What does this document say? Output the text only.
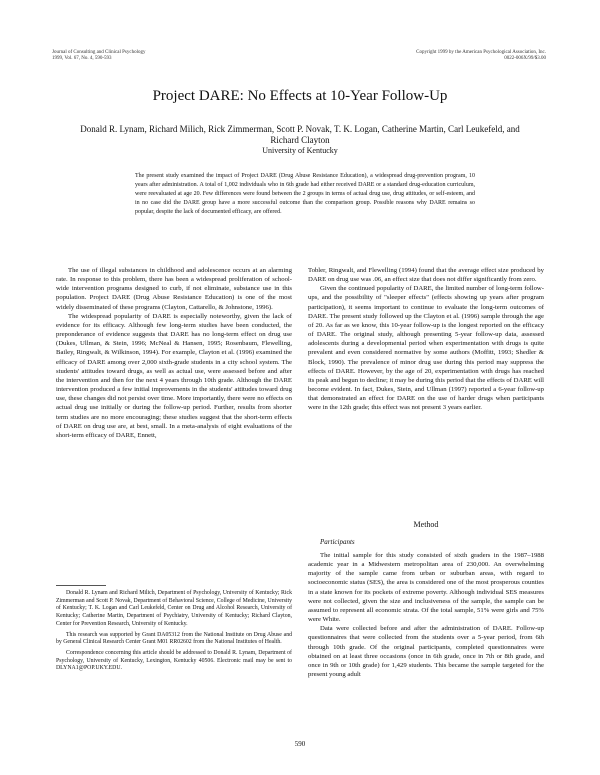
Journal of Consulting and Clinical Psychology
1999, Vol. 67, No. 4, 590-593
Copyright 1999 by the American Psychological Association, Inc.
0022-006X/99/$3.00
Project DARE: No Effects at 10-Year Follow-Up
Donald R. Lynam, Richard Milich, Rick Zimmerman, Scott P. Novak, T. K. Logan, Catherine Martin, Carl Leukefeld, and Richard Clayton
University of Kentucky
The present study examined the impact of Project DARE (Drug Abuse Resistance Education), a widespread drug-prevention program, 10 years after administration. A total of 1,002 individuals who in 6th grade had either received DARE or a standard drug-education curriculum, were reevaluated at age 20. Few differences were found between the 2 groups in terms of actual drug use, drug attitudes, or self-esteem, and in no case did the DARE group have a more successful outcome than the comparison group. Possible reasons why DARE remains so popular, despite the lack of documented efficacy, are offered.

The use of illegal substances in childhood and adolescence occurs at an alarming rate. In response to this problem, there has been a widespread proliferation of school-wide intervention programs designed to curb, if not eliminate, substance use in this population. Project DARE (Drug Abuse Resistance Education) is one of the most widely disseminated of these programs (Clayton, Cattarello, & Johnstone, 1996).

The widespread popularity of DARE is especially noteworthy, given the lack of evidence for its efficacy. Although few long-term studies have been conducted, the preponderance of evidence suggests that DARE has no long-term effect on drug use (Dukes, Ullman, & Stein, 1996; McNeal & Hansen, 1995; Rosenbaum, Flewelling, Bailey, Ringwalt, & Wilkinson, 1994). For example, Clayton et al. (1996) examined the efficacy of DARE among over 2,000 sixth-grade students in a city school system. The students' attitudes toward drugs, as well as actual use, were assessed before and after the intervention and then for the next 4 years through 10th grade. Although the DARE intervention produced a few initial improvements in the students' attitudes toward drug use, these changes did not persist over time. More importantly, there were no effects on actual drug use initially or during the follow-up period. Further, results from shorter term studies are no more encouraging; these studies suggest that the short-term effects of DARE on drug use are, at best, small. In a meta-analysis of eight evaluations of the short-term efficacy of DARE, Ennett,

Tobler, Ringwalt, and Flewelling (1994) found that the average effect size produced by DARE on drug use was .06, an effect size that does not differ significantly from zero.

Given the continued popularity of DARE, the limited number of long-term follow-ups, and the possibility of "sleeper effects" (effects showing up years after program participation), it seems important to continue to evaluate the long-term outcomes of DARE. The present study followed up the Clayton et al. (1996) sample through the age of 20. As far as we know, this 10-year follow-up is the longest reported on the efficacy of DARE. The original study, although presenting 5-year follow-up data, assessed adolescents during a developmental period when experimentation with drugs is quite prevalent and even considered normative by some authors (Moffitt, 1993; Shedler & Block, 1990). The prevalence of minor drug use during this period may suppress the effects of DARE. However, by the age of 20, experimentation with drugs has reached its peak and begun to decline; it may be during this period that the effects of DARE will become evident. In fact, Dukes, Stein, and Ullman (1997) reported a 6-year follow-up that demonstrated an effect for DARE on the use of harder drugs when participants were in the 12th grade; this effect was not present 3 years earlier.

Method
Participants

The initial sample for this study consisted of sixth graders in the 1987–1988 academic year in a Midwestern metropolitan area of 230,000. An overwhelming majority of the sample came from urban or suburban areas, with regard to socioeconomic status (SES), the area is considered one of the most prosperous counties in a state known for its pockets of extreme poverty. Although individual SES measures were not collected, given the size and inclusiveness of the sample, the sample can be assumed to represent all economic strata. Of the total sample, 51% were girls and 75% were White.

Data were collected before and after the administration of DARE. Follow-up questionnaires that were collected from the students over a 5-year period, from 6th through 10th grade. Of the original participants, completed questionnaires were obtained on at least three occasions (once in 6th grade, once in 7th or 8th grade, and once in 9th or 10th grade) for 1,429 students. This became the sample targeted for the present young adult

Donald R. Lynam and Richard Milich, Department of Psychology, University of Kentucky; Rick Zimmerman and Scott P. Novak, Department of Behavioral Science, College of Medicine, University of Kentucky; T. K. Logan and Carl Leukefeld, Center on Drug and Alcohol Research, University of Kentucky; Catherine Martin, Department of Psychiatry, University of Kentucky; Richard Clayton, Center for Prevention Research, University of Kentucky.

This research was supported by Grant DA05312 from the National Institute on Drug Abuse and by General Clinical Research Center Grant M01 RR02602 from the National Institutes of Health.

Correspondence concerning this article should be addressed to Donald R. Lynam, Department of Psychology, University of Kentucky, Lexington, Kentucky 40506. Electronic mail may be sent to DLYNA1@POP.UKY.EDU.

590
